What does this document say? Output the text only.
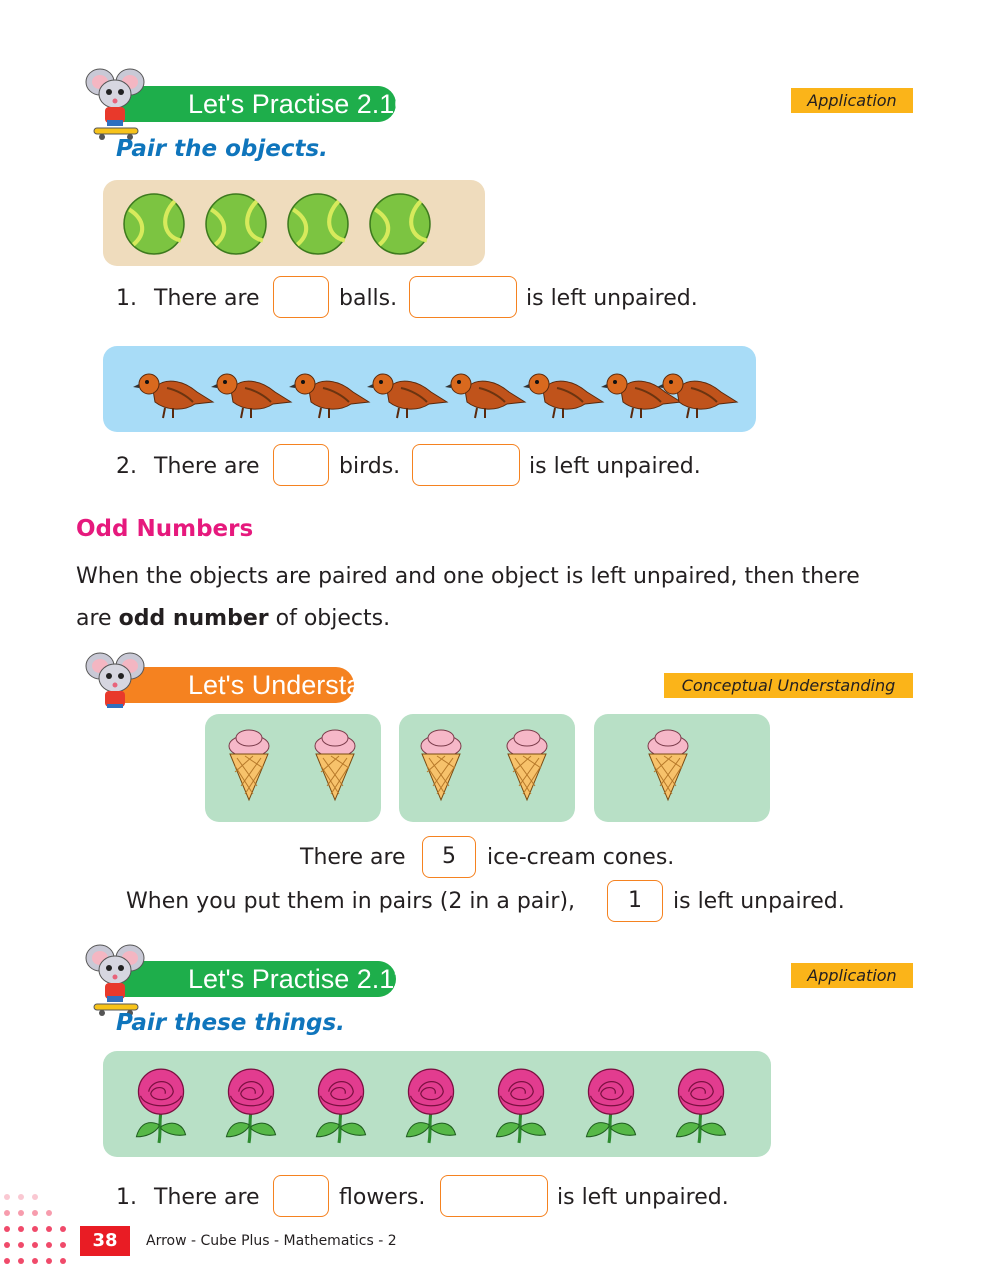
Let's Practise 2.10	Application
Pair the objects.
1. There are	balls.	is left unpaired.
2. There are	birds.	is left unpaired.
Odd Numbers
When the objects are paired and one object is left unpaired, then there
are odd number of objects.
Let's Understand	Conceptual Understanding
There are	5	ice-cream cones.
When you put them in pairs (2 in a pair),	1	is left unpaired.
Let's Practise 2.11	Application
Pair these things.
1. There are	flowers.	is left unpaired.
38	Arrow - Cube Plus - Mathematics - 2
